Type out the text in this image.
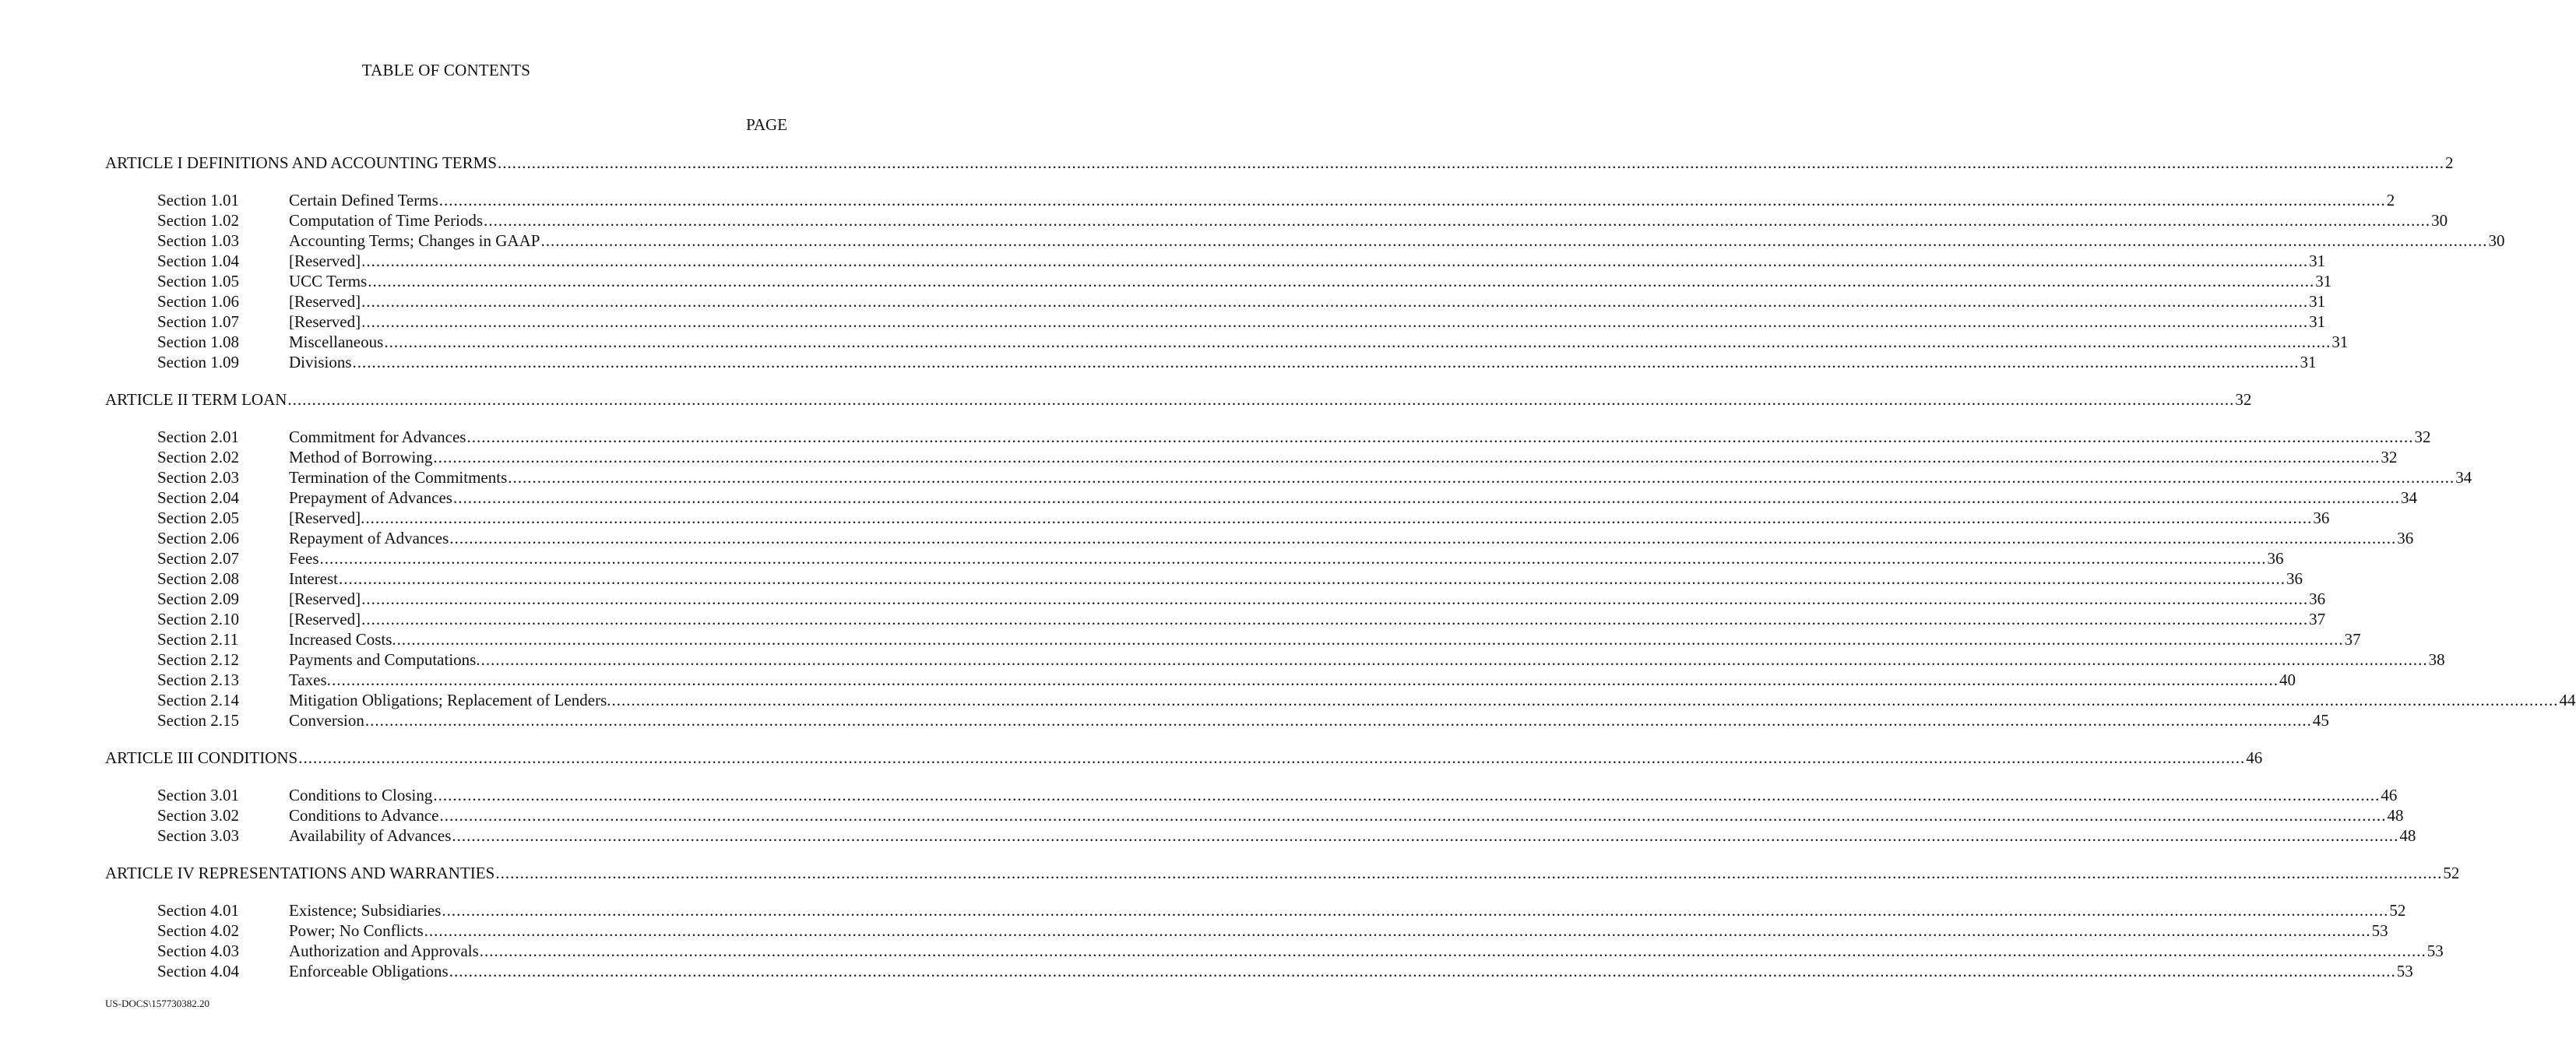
TABLE OF CONTENTS
PAGE
ARTICLE I DEFINITIONS AND ACCOUNTING TERMS ................................................................................................................................................................................................................................................................................................................................................................................................................ 2
Section 1.01	Certain Defined Terms ................................................................................................................................................................................................................................................................................................................................................................................................................ 2
Section 1.02	Computation of Time Periods ................................................................................................................................................................................................................................................................................................................................................................................................................ 30
Section 1.03	Accounting Terms; Changes in GAAP ................................................................................................................................................................................................................................................................................................................................................................................................................ 30
Section 1.04	[Reserved] ................................................................................................................................................................................................................................................................................................................................................................................................................ 31
Section 1.05	UCC Terms ................................................................................................................................................................................................................................................................................................................................................................................................................ 31
Section 1.06	[Reserved] ................................................................................................................................................................................................................................................................................................................................................................................................................ 31
Section 1.07	[Reserved] ................................................................................................................................................................................................................................................................................................................................................................................................................ 31
Section 1.08	Miscellaneous ................................................................................................................................................................................................................................................................................................................................................................................................................ 31
Section 1.09	Divisions ................................................................................................................................................................................................................................................................................................................................................................................................................ 31
ARTICLE II TERM LOAN ................................................................................................................................................................................................................................................................................................................................................................................................................ 32
Section 2.01	Commitment for Advances ................................................................................................................................................................................................................................................................................................................................................................................................................ 32
Section 2.02	Method of Borrowing ................................................................................................................................................................................................................................................................................................................................................................................................................ 32
Section 2.03	Termination of the Commitments ................................................................................................................................................................................................................................................................................................................................................................................................................ 34
Section 2.04	Prepayment of Advances ................................................................................................................................................................................................................................................................................................................................................................................................................ 34
Section 2.05	[Reserved]. ................................................................................................................................................................................................................................................................................................................................................................................................................ 36
Section 2.06	Repayment of Advances ................................................................................................................................................................................................................................................................................................................................................................................................................ 36
Section 2.07	Fees ................................................................................................................................................................................................................................................................................................................................................................................................................ 36
Section 2.08	Interest ................................................................................................................................................................................................................................................................................................................................................................................................................ 36
Section 2.09	[Reserved] ................................................................................................................................................................................................................................................................................................................................................................................................................ 36
Section 2.10	[Reserved] ................................................................................................................................................................................................................................................................................................................................................................................................................ 37
Section 2.11	Increased Costs. ................................................................................................................................................................................................................................................................................................................................................................................................................ 37
Section 2.12	Payments and Computations. ................................................................................................................................................................................................................................................................................................................................................................................................................ 38
Section 2.13	Taxes. ................................................................................................................................................................................................................................................................................................................................................................................................................ 40
Section 2.14	Mitigation Obligations; Replacement of Lenders. ................................................................................................................................................................................................................................................................................................................................................................................................................ 44
Section 2.15	Conversion ................................................................................................................................................................................................................................................................................................................................................................................................................ 45
ARTICLE III CONDITIONS ................................................................................................................................................................................................................................................................................................................................................................................................................ 46
Section 3.01	Conditions to Closing ................................................................................................................................................................................................................................................................................................................................................................................................................ 46
Section 3.02	Conditions to Advance ................................................................................................................................................................................................................................................................................................................................................................................................................ 48
Section 3.03	Availability of Advances ................................................................................................................................................................................................................................................................................................................................................................................................................ 48
ARTICLE IV REPRESENTATIONS AND WARRANTIES ................................................................................................................................................................................................................................................................................................................................................................................................................ 52
Section 4.01	Existence; Subsidiaries ................................................................................................................................................................................................................................................................................................................................................................................................................ 52
Section 4.02	Power; No Conflicts ................................................................................................................................................................................................................................................................................................................................................................................................................ 53
Section 4.03	Authorization and Approvals ................................................................................................................................................................................................................................................................................................................................................................................................................ 53
Section 4.04	Enforceable Obligations ................................................................................................................................................................................................................................................................................................................................................................................................................ 53
US-DOCS\157730382.20
